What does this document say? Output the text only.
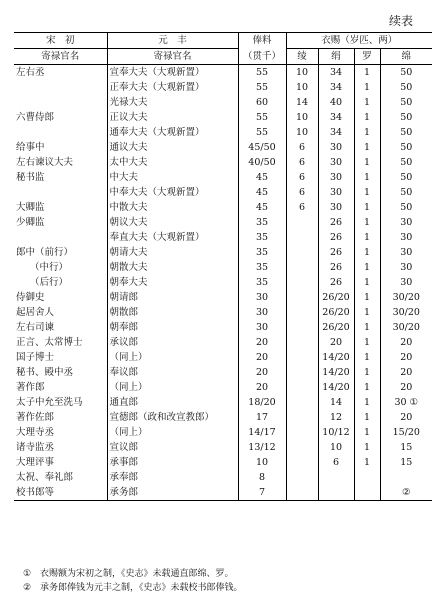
续表
宋　初	元　丰	俸料	衣赐（岁匹、两）			
寄禄官名	寄禄官名	（贯千）	绫	绢	罗	绵
左右丞	宣奉大夫（大观新置）	55	10	34	1	50
	正奉大夫（大观新置）	55	10	34	1	50
	光禄大夫	60	14	40	1	50
六曹侍郎	正议大夫	55	10	34	1	50
	通奉大夫（大观新置）	55	10	34	1	50
给事中	通议大夫	45/50	6	30	1	50
左右谏议大夫	太中大夫	40/50	6	30	1	50
秘书监	中大夫	45	6	30	1	50
	中奉大夫（大观新置）	45	6	30	1	50
大卿监	中散大夫	45	6	30	1	50
少卿监	朝议大夫	35		26	1	30
	奉直大夫（大观新置）	35		26	1	30
郎中（前行）	朝请大夫	35		26	1	30
（中行）	朝散大夫	35		26	1	30
（后行）	朝奉大夫	35		26	1	30
侍御史	朝请郎	30		26/20	1	30/20
起居舍人	朝散郎	30		26/20	1	30/20
左右司谏	朝奉郎	30		26/20	1	30/20
正言、太常博士	承议郎	20		20	1	20
国子博士	（同上）	20		14/20	1	20
秘书、殿中丞	奉议郎	20		14/20	1	20
著作郎	（同上）	20		14/20	1	20
太子中允至洗马	通直郎	18/20		14	1	30 ①
著作佐郎	宣德郎（政和改宣教郎）	17		12	1	20
大理寺丞	（同上）	14/17		10/12	1	15/20
诸寺监丞	宣议郎	13/12		10	1	15
大理评事	承事郎	10		6	1	15
太祝、奉礼郎	承奉郎	8				
校书郎等	承务郎	7				②
① 衣赐额为宋初之制，《史志》未载通直郎绵、罗。
② 承务郎俸钱为元丰之制，《史志》未载校书郎俸钱。
